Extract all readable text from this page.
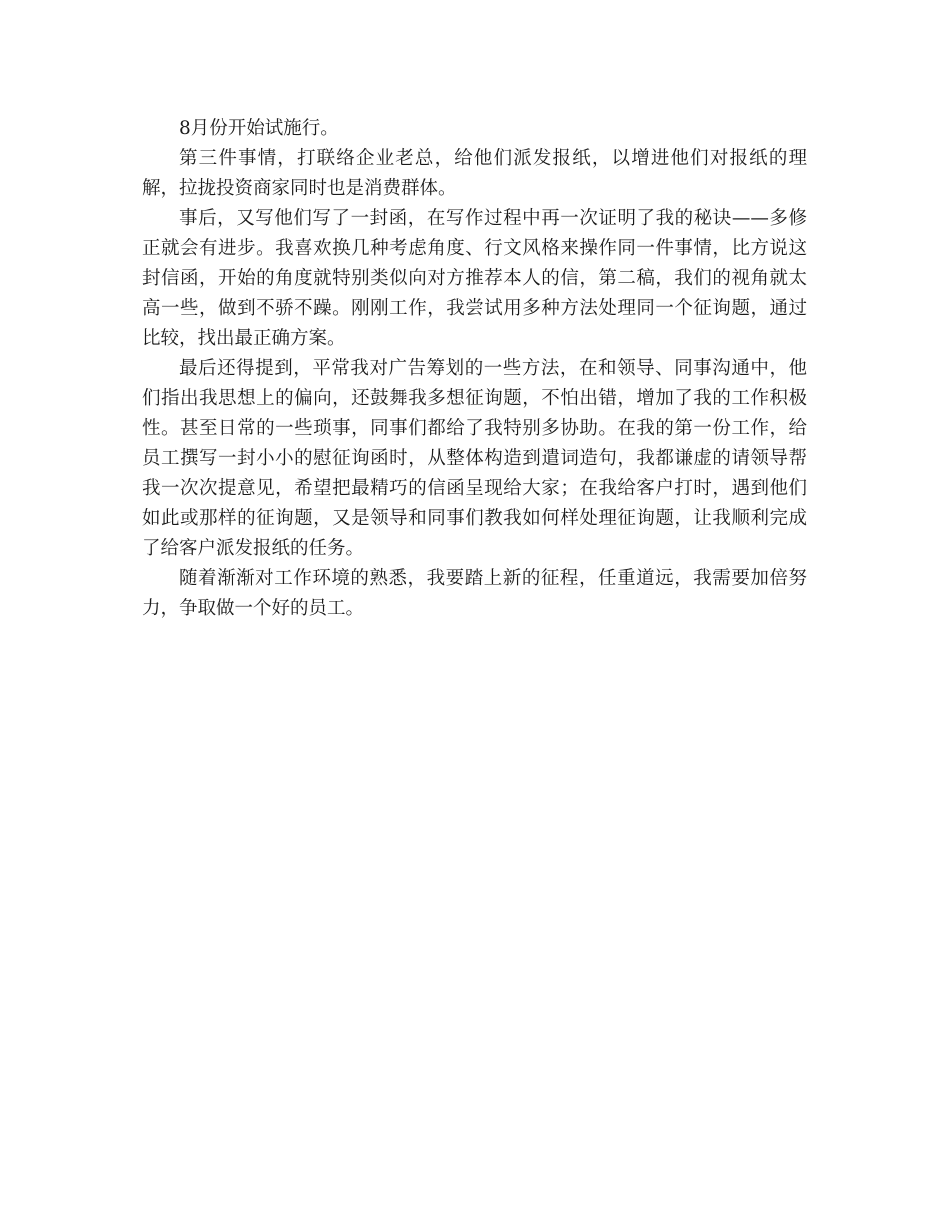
8月份开始试施行。

第三件事情，打联络企业老总，给他们派发报纸，以增进他们对报纸的理解，拉拢投资商家同时也是消费群体。

事后，又写他们写了一封函，在写作过程中再一次证明了我的秘诀——多修正就会有进步。我喜欢换几种考虑角度、行文风格来操作同一件事情，比方说这封信函，开始的角度就特别类似向对方推荐本人的信，第二稿，我们的视角就太高一些，做到不骄不躁。刚刚工作，我尝试用多种方法处理同一个征询题，通过比较，找出最正确方案。

最后还得提到，平常我对广告筹划的一些方法，在和领导、同事沟通中，他们指出我思想上的偏向，还鼓舞我多想征询题，不怕出错，增加了我的工作积极性。甚至日常的一些琐事，同事们都给了我特别多协助。在我的第一份工作，给员工撰写一封小小的慰征询函时，从整体构造到遣词造句，我都谦虚的请领导帮我一次次提意见，希望把最精巧的信函呈现给大家；在我给客户打时，遇到他们如此或那样的征询题，又是领导和同事们教我如何样处理征询题，让我顺利完成了给客户派发报纸的任务。

随着渐渐对工作环境的熟悉，我要踏上新的征程，任重道远，我需要加倍努力，争取做一个好的员工。
